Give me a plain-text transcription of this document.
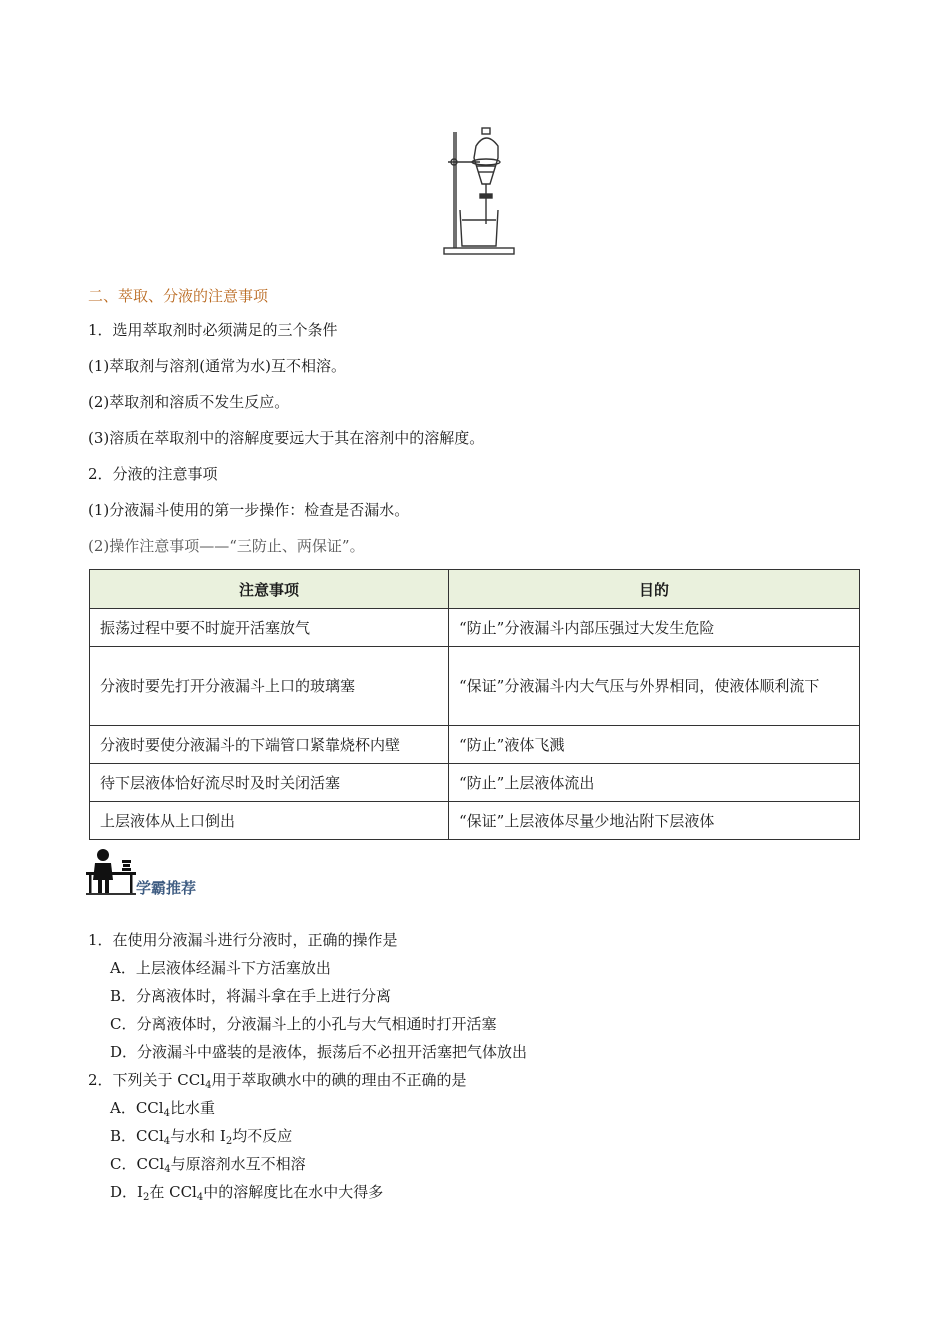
二、萃取、分液的注意事项
1．选用萃取剂时必须满足的三个条件
(1)萃取剂与溶剂(通常为水)互不相溶。
(2)萃取剂和溶质不发生反应。
(3)溶质在萃取剂中的溶解度要远大于其在溶剂中的溶解度。
2．分液的注意事项
(1)分液漏斗使用的第一步操作：检查是否漏水。
(2)操作注意事项——“三防止、两保证”。
注意事项	目的
振荡过程中要不时旋开活塞放气	“防止”分液漏斗内部压强过大发生危险
分液时要先打开分液漏斗上口的玻璃塞	“保证”分液漏斗内大气压与外界相同，使液体顺利流下
分液时要使分液漏斗的下端管口紧靠烧杯内壁	“防止”液体飞溅
待下层液体恰好流尽时及时关闭活塞	“防止”上层液体流出
上层液体从上口倒出	“保证”上层液体尽量少地沾附下层液体
学霸推荐
1．在使用分液漏斗进行分液时，正确的操作是
A．上层液体经漏斗下方活塞放出
B．分离液体时，将漏斗拿在手上进行分离
C．分离液体时，分液漏斗上的小孔与大气相通时打开活塞
D．分液漏斗中盛装的是液体，振荡后不必扭开活塞把气体放出
2．下列关于 CCl$_4$用于萃取碘水中的碘的理由不正确的是
A．CCl$_4$比水重
B．CCl$_4$与水和 $I_2$均不反应
C．CCl$_4$与原溶剂水互不相溶
D．$I_2$在 CCl$_4$中的溶解度比在水中大得多
